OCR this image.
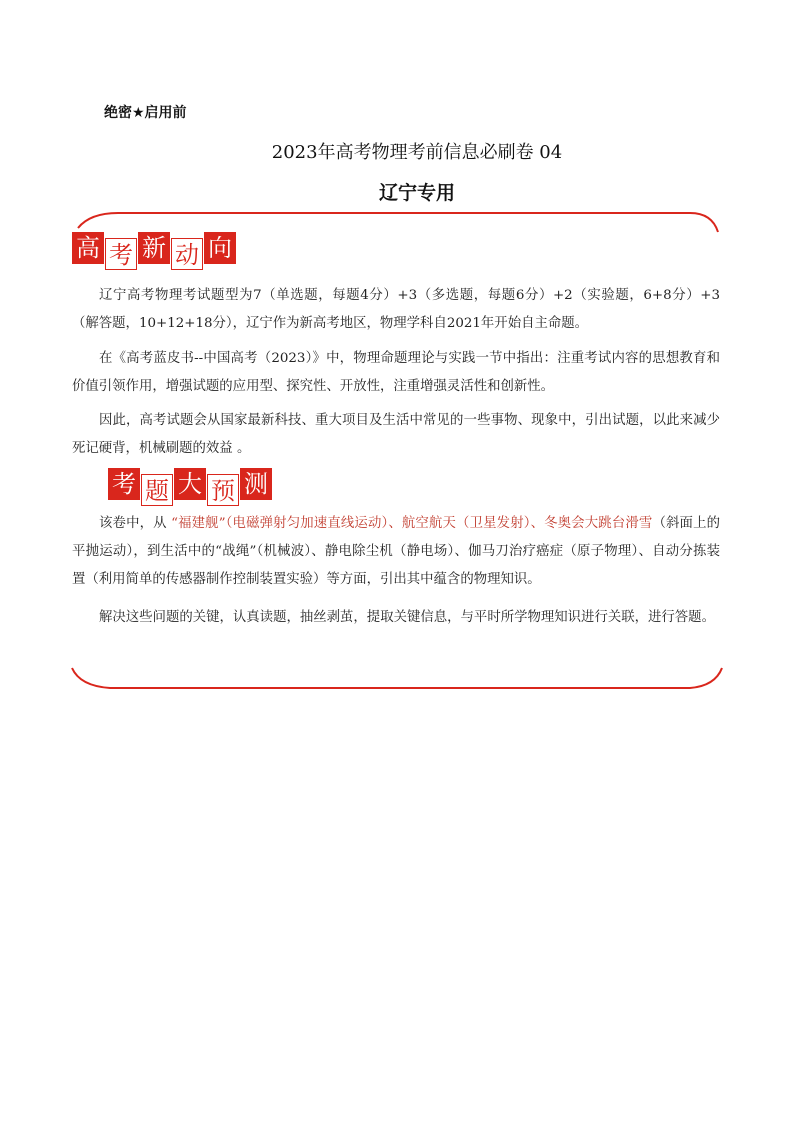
绝密★启用前
2023年高考物理考前信息必刷卷 04
辽宁专用
高 考 新 动 向

辽宁高考物理考试题型为7（单选题，每题4分）+3（多选题，每题6分）+2（实验题，6+8分）+3（解答题，10+12+18分），辽宁作为新高考地区，物理学科自2021年开始自主命题。

在《高考蓝皮书--中国高考（2023）》中，物理命题理论与实践一节中指出：注重考试内容的思想教育和价值引领作用，增强试题的应用型、探究性、开放性，注重增强灵活性和创新性。

因此，高考试题会从国家最新科技、重大项目及生活中常见的一些事物、现象中，引出试题，以此来减少死记硬背，机械刷题的效益 。

考 题 大 预 测

该卷中，从 “福建舰”（电磁弹射匀加速直线运动）、航空航天（卫星发射）、冬奥会大跳台滑雪（斜面上的平抛运动），到生活中的“战绳”（机械波）、静电除尘机（静电场）、伽马刀治疗癌症（原子物理）、自动分拣装置（利用简单的传感器制作控制装置实验）等方面，引出其中蕴含的物理知识。

解决这些问题的关键，认真读题，抽丝剥茧，提取关键信息，与平时所学物理知识进行关联，进行答题。
